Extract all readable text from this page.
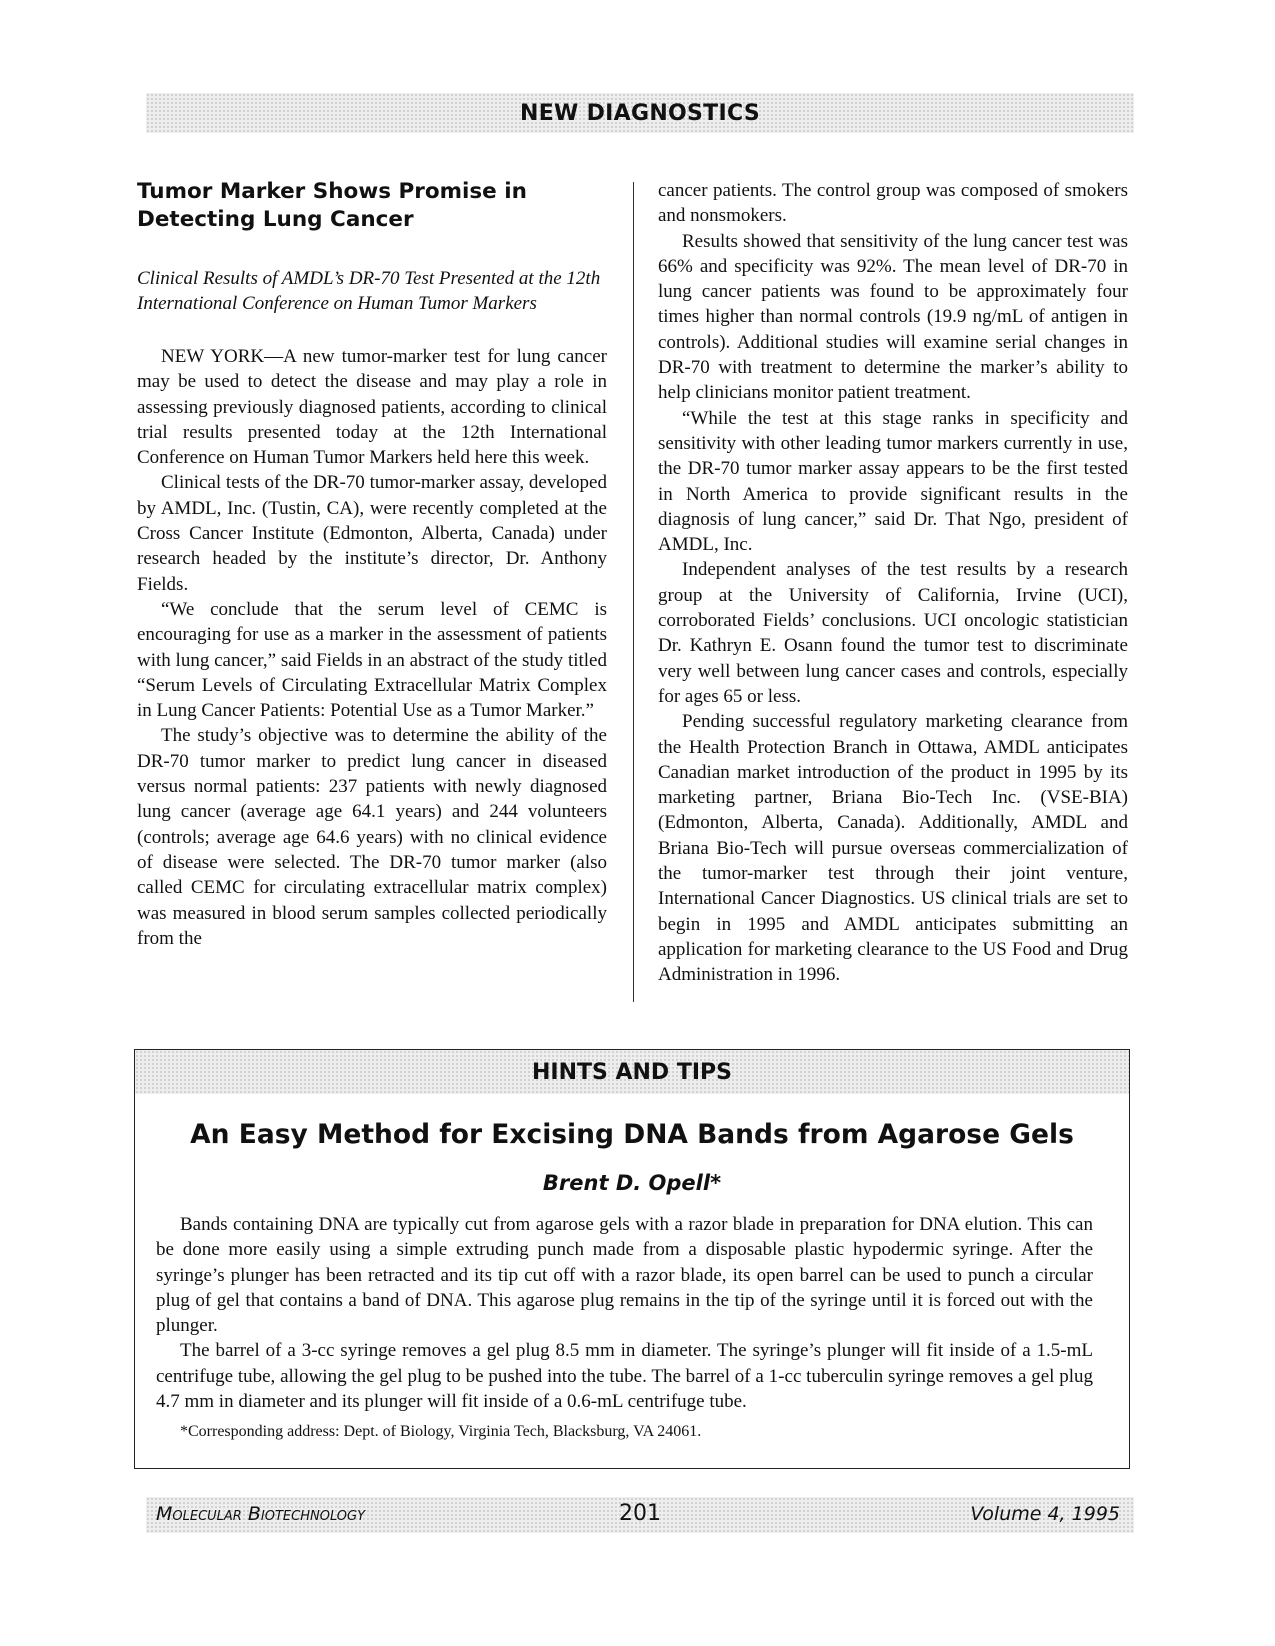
NEW DIAGNOSTICS
Tumor Marker Shows Promise in Detecting Lung Cancer

Clinical Results of AMDL’s DR-70 Test Presented at the 12th International Conference on Human Tumor Markers

NEW YORK—A new tumor-marker test for lung cancer may be used to detect the disease and may play a role in assessing previously diagnosed patients, according to clinical trial results presented today at the 12th International Conference on Human Tumor Markers held here this week.

Clinical tests of the DR-70 tumor-marker assay, developed by AMDL, Inc. (Tustin, CA), were recently completed at the Cross Cancer Institute (Edmonton, Alberta, Canada) under research headed by the institute’s director, Dr. Anthony Fields.

“We conclude that the serum level of CEMC is encouraging for use as a marker in the assessment of patients with lung cancer,” said Fields in an abstract of the study titled “Serum Levels of Circulating Extracellular Matrix Complex in Lung Cancer Patients: Potential Use as a Tumor Marker.”

The study’s objective was to determine the ability of the DR-70 tumor marker to predict lung cancer in diseased versus normal patients: 237 patients with newly diagnosed lung cancer (average age 64.1 years) and 244 volunteers (controls; average age 64.6 years) with no clinical evidence of disease were selected. The DR-70 tumor marker (also called CEMC for circulating extracellular matrix complex) was measured in blood serum samples collected periodically from the

cancer patients. The control group was composed of smokers and nonsmokers.

Results showed that sensitivity of the lung cancer test was 66% and specificity was 92%. The mean level of DR-70 in lung cancer patients was found to be approximately four times higher than normal controls (19.9 ng/mL of antigen in controls). Additional studies will examine serial changes in DR-70 with treatment to determine the marker’s ability to help clinicians monitor patient treatment.

“While the test at this stage ranks in specificity and sensitivity with other leading tumor markers currently in use, the DR-70 tumor marker assay appears to be the first tested in North America to provide significant results in the diagnosis of lung cancer,” said Dr. That Ngo, president of AMDL, Inc.

Independent analyses of the test results by a research group at the University of California, Irvine (UCI), corroborated Fields’ conclusions. UCI oncologic statistician Dr. Kathryn E. Osann found the tumor test to discriminate very well between lung cancer cases and controls, especially for ages 65 or less.

Pending successful regulatory marketing clearance from the Health Protection Branch in Ottawa, AMDL anticipates Canadian market introduction of the product in 1995 by its marketing partner, Briana Bio-Tech Inc. (VSE-BIA) (Edmonton, Alberta, Canada). Additionally, AMDL and Briana Bio-Tech will pursue overseas commercialization of the tumor-marker test through their joint venture, International Cancer Diagnostics. US clinical trials are set to begin in 1995 and AMDL anticipates submitting an application for marketing clearance to the US Food and Drug Administration in 1996.

HINTS AND TIPS
An Easy Method for Excising DNA Bands from Agarose Gels

Brent D. Opell*

Bands containing DNA are typically cut from agarose gels with a razor blade in preparation for DNA elution. This can be done more easily using a simple extruding punch made from a disposable plastic hypodermic syringe. After the syringe’s plunger has been retracted and its tip cut off with a razor blade, its open barrel can be used to punch a circular plug of gel that contains a band of DNA. This agarose plug remains in the tip of the syringe until it is forced out with the plunger.

The barrel of a 3-cc syringe removes a gel plug 8.5 mm in diameter. The syringe’s plunger will fit inside of a 1.5-mL centrifuge tube, allowing the gel plug to be pushed into the tube. The barrel of a 1-cc tuberculin syringe removes a gel plug 4.7 mm in diameter and its plunger will fit inside of a 0.6-mL centrifuge tube.

*Corresponding address: Dept. of Biology, Virginia Tech, Blacksburg, VA 24061.

Molecular Biotechnology	201	Volume 4, 1995
